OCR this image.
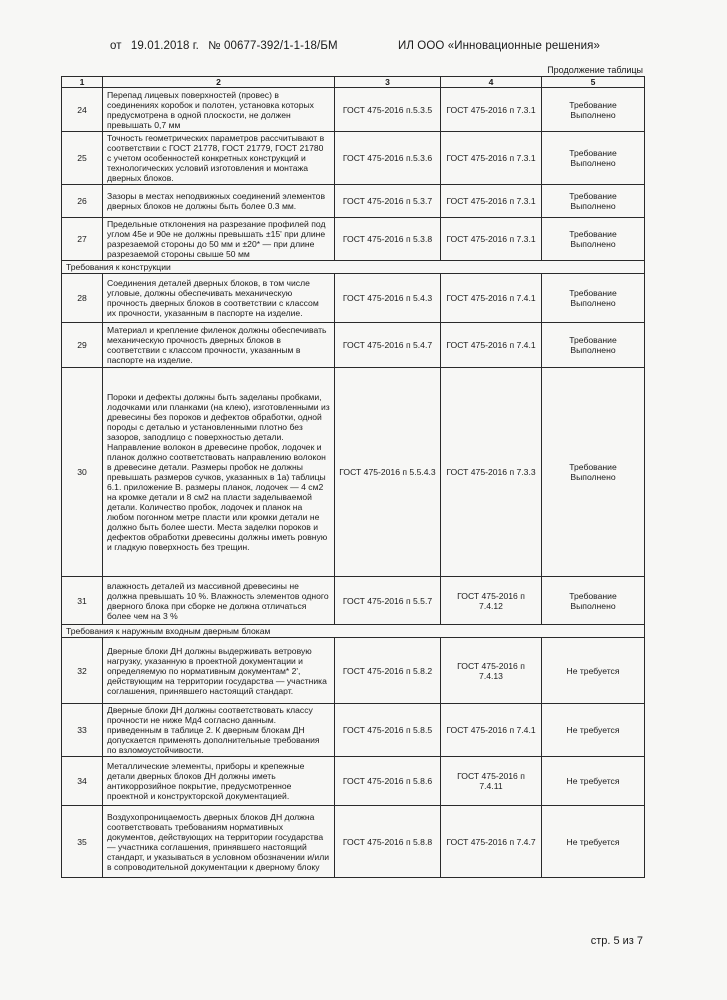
от 19.01.2018 г. № 00677-392/1-1-18/БМ	ИЛ ООО «Инновационные решения»
Продолжение таблицы
1	2	3	4	5
24	Перепад лицевых поверхностей (провес) в соединениях коробок и полотен, установка которых предусмотрена в одной плоскости, не должен превышать 0,7 мм	ГОСТ 475-2016 п.5.3.5	ГОСТ 475-2016 п 7.3.1	Требование Выполнено
25	Точность геометрических параметров рассчитывают в соответствии с ГОСТ 21778, ГОСТ 21779, ГОСТ 21780 с учетом особенностей конкретных конструкций и технологических условий изготовления и монтажа дверных блоков.	ГОСТ 475-2016 п.5.3.6	ГОСТ 475-2016 п 7.3.1	Требование Выполнено
26	Зазоры в местах неподвижных соединений элементов дверных блоков не должны быть более 0.3 мм.	ГОСТ 475-2016 п 5.3.7	ГОСТ 475-2016 п 7.3.1	Требование Выполнено
27	Предельные отклонения на разрезание профилей под углом 45е и 90е не должны превышать ±15' при длине разрезаемой стороны до 50 мм и ±20* — при длине разрезаемой стороны свыше 50 мм	ГОСТ 475-2016 п 5.3.8	ГОСТ 475-2016 п 7.3.1	Требование Выполнено
Требования к конструкции				
28	Соединения деталей дверных блоков, в том числе угловые, должны обеспечивать механическую прочность дверных блоков в соответствии с классом их прочности, указанным в паспорте на изделие.	ГОСТ 475-2016 п 5.4.3	ГОСТ 475-2016 п 7.4.1	Требование Выполнено
29	Материал и крепление филенок должны обеспечивать механическую прочность дверных блоков в соответствии с классом прочности, указанным в паспорте на изделие.	ГОСТ 475-2016 п 5.4.7	ГОСТ 475-2016 п 7.4.1	Требование Выполнено
30	Пороки и дефекты должны быть заделаны пробками, лодочками или планками (на клею), изготовленными из древесины без пороков и дефектов обработки, одной породы с деталью и установленными плотно без зазоров, заподлицо с поверхностью детали. Направление волокон в древесине пробок, лодочек и планок должно соответствовать направлению волокон в древесине детали. Размеры пробок не должны превышать размеров сучков, указанных в 1а) таблицы 6.1. приложение В. размеры планок, лодочек — 4 см2 на кромке детали и 8 см2 на пласти заделываемой детали. Количество пробок, лодочек и планок на любом погонном метре пласти или кромки детали не должно быть более шести. Места заделки пороков и дефектов обработки древесины должны иметь ровную и гладкую поверхность без трещин.	ГОСТ 475-2016 п 5.5.4.3	ГОСТ 475-2016 п 7.3.3	Требование Выполнено
31	влажность деталей из массивной древесины не должна превышать 10 %. Влажность элементов одного дверного блока при сборке не должна отличаться более чем на 3 %	ГОСТ 475-2016 п 5.5.7	ГОСТ 475-2016 п 7.4.12	Требование Выполнено
Требования к наружным входным дверным блокам				
32	Дверные блоки ДН должны выдерживать ветровую нагрузку, указанную в проектной документации и определяемую по нормативным документам* 2', действующим на территории государства — участника соглашения, принявшего настоящий стандарт.	ГОСТ 475-2016 п 5.8.2	ГОСТ 475-2016 п 7.4.13	Не требуется
33	Дверные блоки ДН должны соответствовать классу прочности не ниже Мд4 согласно данным. приведенным в таблице 2. К дверным блокам ДН допускается применять дополнительные требования по взломоустойчивости.	ГОСТ 475-2016 п 5.8.5	ГОСТ 475-2016 п 7.4.1	Не требуется
34	Металлические элементы, приборы и крепежные детали дверных блоков ДН должны иметь антикоррозийное покрытие, предусмотренное проектной и конструкторской документацией.	ГОСТ 475-2016 п 5.8.6	ГОСТ 475-2016 п 7.4.11	Не требуется
35	Воздухопроницаемость дверных блоков ДН должна соответствовать требованиям нормативных документов, действующих на территории государства — участника соглашения, принявшего настоящий стандарт, и указываться в условном обозначении и/или в сопроводительной документации к дверному блоку	ГОСТ 475-2016 п 5.8.8	ГОСТ 475-2016 п 7.4.7	Не требуется
стр. 5 из 7
